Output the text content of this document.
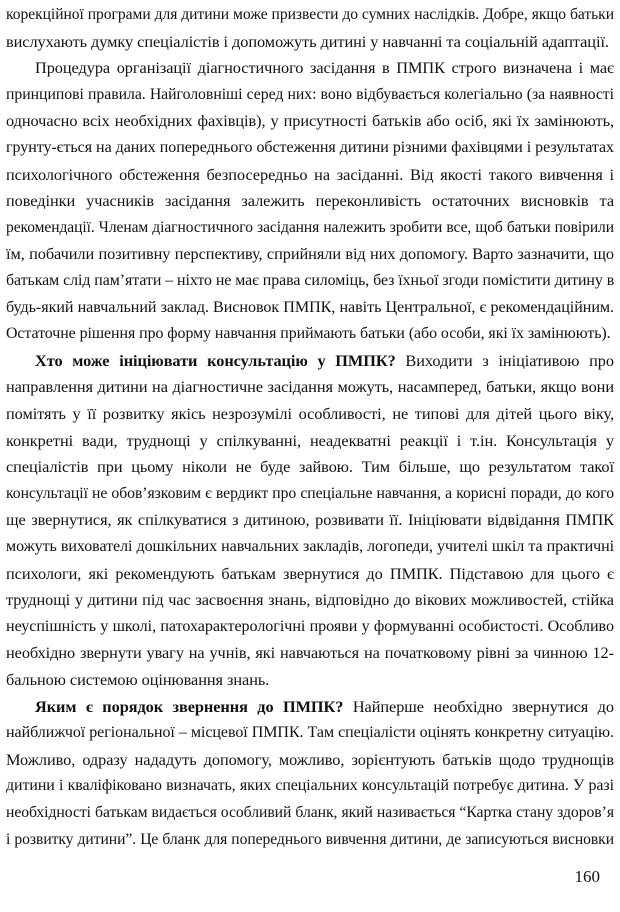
корекційної програми для дитини може призвести до сумних наслідків. Добре, якщо батьки
вислухають думку спеціалістів і допоможуть дитині у навчанні та соціальній адаптації.
Процедура організації діагностичного засідання в ПМПК строго визначена і має
принципові правила. Найголовніші серед них: воно відбувається колегіально (за наявності
одночасно всіх необхідних фахівців), у присутності батьків або осіб, які їх замінюють,
грунту-ється на даних попереднього обстеження дитини різними фахівцями і результатах
психологічного обстеження безпосередньо на засіданні. Від якості такого вивчення і
поведінки учасників засідання залежить переконливість остаточних висновків та
рекомендації. Членам діагностичного засідання належить зробити все, щоб батьки повірили
їм, побачили позитивну перспективу, сприйняли від них допомогу. Варто зазначити, що
батькам слід пам’ятати – ніхто не має права силоміць, без їхньої згоди помістити дитину в
будь-який навчальний заклад. Висновок ПМПК, навіть Центральної, є рекомендаційним.
Остаточне рішення про форму навчання приймають батьки (або особи, які їх замінюють).
Хто може ініціювати консультацію у ПМПК? Виходити з ініціативою про
направлення дитини на діагностичне засідання можуть, насамперед, батьки, якщо вони
помітять у її розвитку якісь незрозумілі особливості, не типові для дітей цього віку,
конкретні вади, труднощі у спілкуванні, неадекватні реакції і т.ін. Консультація у
спеціалістів при цьому ніколи не буде зайвою. Тим більше, що результатом такої
консультації не обов’язковим є вердикт про спеціальне навчання, а корисні поради, до кого
ще звернутися, як спілкуватися з дитиною, розвивати її. Ініціювати відвідання ПМПК
можуть вихователі дошкільних навчальних закладів, логопеди, учителі шкіл та практичні
психологи, які рекомендують батькам звернутися до ПМПК. Підставою для цього є
труднощі у дитини під час засвоєння знань, відповідно до вікових можливостей, стійка
неуспішність у школі, патохарактерологічні прояви у формуванні особистості. Особливо
необхідно звернути увагу на учнів, які навчаються на початковому рівні за чинною 12-
бальною системою оцінювання знань.
Яким є порядок звернення до ПМПК? Найперше необхідно звернутися до
найближчої регіональної – місцевої ПМПК. Там спеціалісти оцінять конкретну ситуацію.
Можливо, одразу нададуть допомогу, можливо, зорієнтують батьків щодо труднощів
дитини і кваліфіковано визначать, яких спеціальних консультацій потребує дитина. У разі
необхідності батькам видається особливий бланк, який називається “Картка стану здоров’я
і розвитку дитини”. Це бланк для попереднього вивчення дитини, де записуються висновки
160
